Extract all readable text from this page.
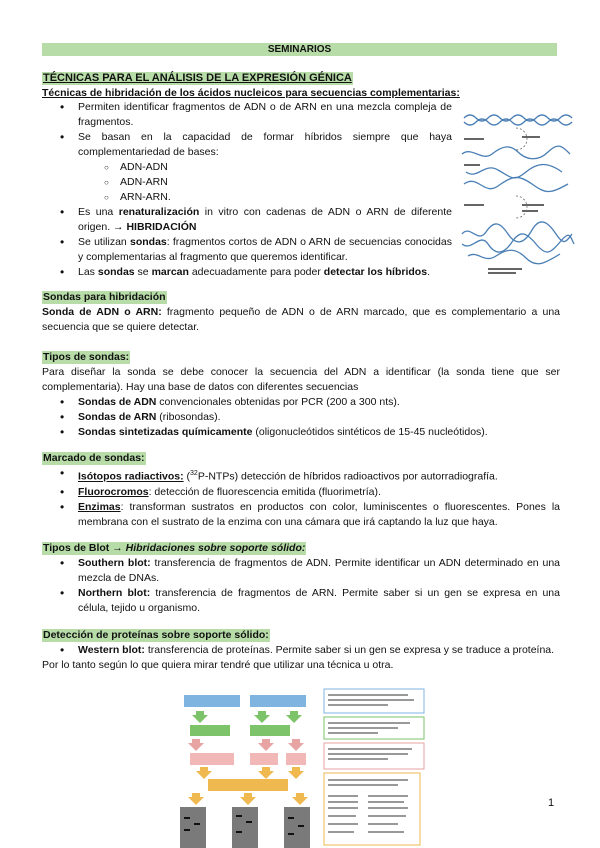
SEMINARIOS
TÉCNICAS PARA EL ANÁLISIS DE LA EXPRESIÓN GÉNICA
Técnicas de hibridación de los ácidos nucleicos para secuencias complementarias:
• Permiten identificar fragmentos de ADN o de ARN en una mezcla compleja de fragmentos.
• Se basan en la capacidad de formar híbridos siempre que haya complementariedad de bases:
○ ADN-ADN
○ ADN-ARN
○ ARN-ARN.
• Es una renaturalización in vitro con cadenas de ADN o ARN de diferente origen. → HIBRIDACIÓN
• Se utilizan sondas: fragmentos cortos de ADN o ARN de secuencias conocidas y complementarias al fragmento que queremos identificar.
• Las sondas se marcan adecuadamente para poder detectar los híbridos.
Sondas para hibridación
Sonda de ADN o ARN: fragmento pequeño de ADN o de ARN marcado, que es complementario a una secuencia que se quiere detectar.
Tipos de sondas:
Para diseñar la sonda se debe conocer la secuencia del ADN a identificar (la sonda tiene que ser complementaria). Hay una base de datos con diferentes secuencias
• Sondas de ADN convencionales obtenidas por PCR (200 a 300 nts).
• Sondas de ARN (ribosondas).
• Sondas sintetizadas químicamente (oligonucleótidos sintéticos de 15-45 nucleótidos).
Marcado de sondas:
• Isótopos radiactivos: ($^{32}$P-NTPs) detección de híbridos radioactivos por autorradiografía.
• Fluorocromos: detección de fluorescencia emitida (fluorimetría).
• Enzimas: transforman sustratos en productos con color, luminiscentes o fluorescentes. Pones la membrana con el sustrato de la enzima con una cámara que irá captando la luz que haya.
Tipos de Blot → Hibridaciones sobre soporte sólido:
• Southern blot: transferencia de fragmentos de ADN. Permite identificar un ADN determinado en una mezcla de DNAs.
• Northern blot: transferencia de fragmentos de ARN. Permite saber si un gen se expresa en una célula, tejido u organismo.
Detección de proteínas sobre soporte sólido:
• Western blot: transferencia de proteínas. Permite saber si un gen se expresa y se traduce a proteína.
Por lo tanto según lo que quiera mirar tendré que utilizar una técnica u otra.
1
